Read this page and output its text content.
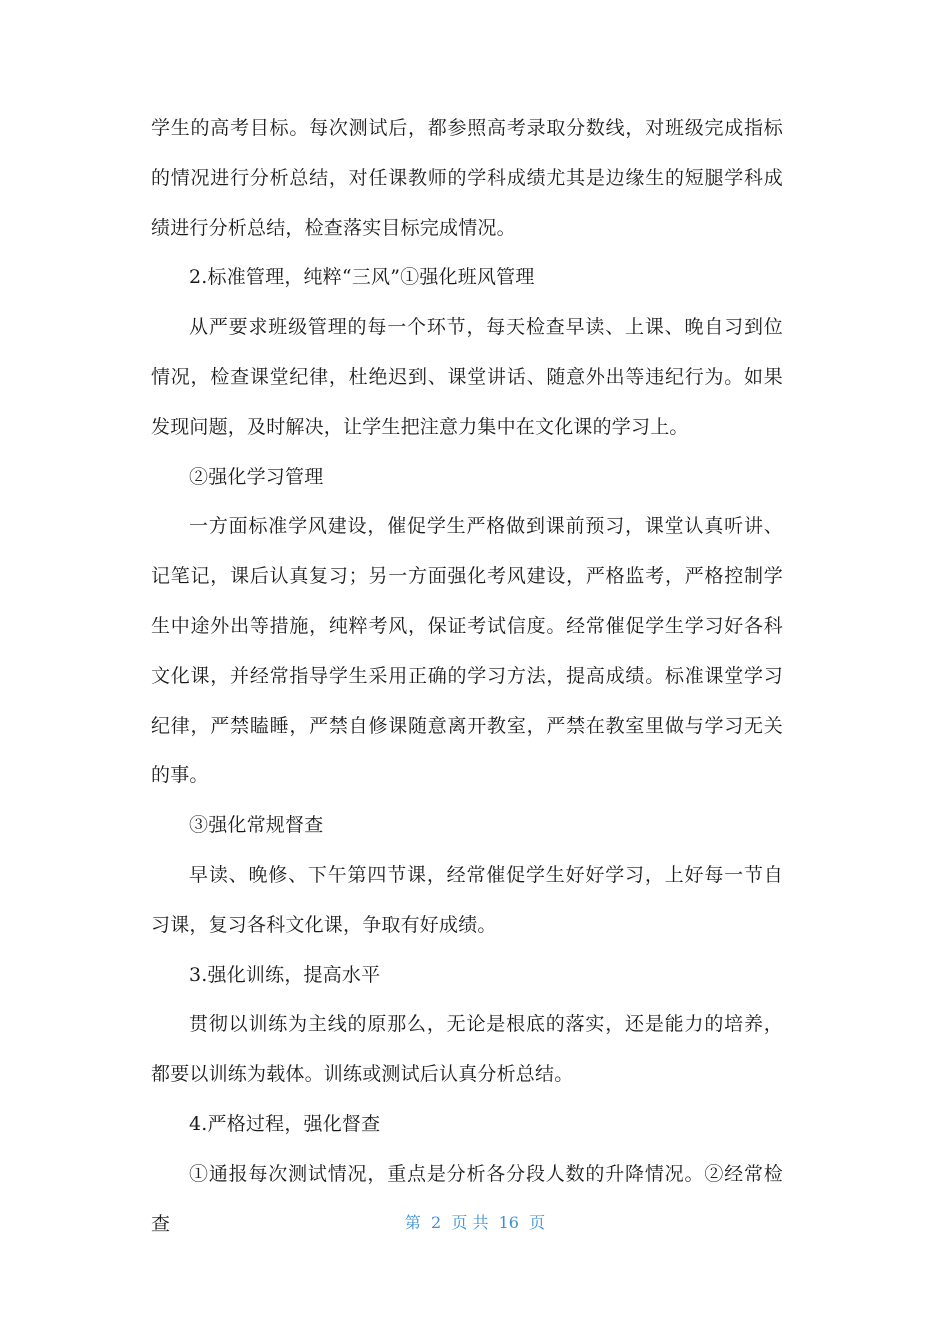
学生的高考目标。每次测试后，都参照高考录取分数线，对班级完成指标的情况进行分析总结，对任课教师的学科成绩尤其是边缘生的短腿学科成绩进行分析总结，检查落实目标完成情况。

2.标准管理，纯粹“三风”①强化班风管理

从严要求班级管理的每一个环节，每天检查早读、上课、晚自习到位情况，检查课堂纪律，杜绝迟到、课堂讲话、随意外出等违纪行为。如果发现问题，及时解决，让学生把注意力集中在文化课的学习上。

②强化学习管理

一方面标准学风建设，催促学生严格做到课前预习，课堂认真听讲、记笔记，课后认真复习；另一方面强化考风建设，严格监考，严格控制学生中途外出等措施，纯粹考风，保证考试信度。经常催促学生学习好各科文化课，并经常指导学生采用正确的学习方法，提高成绩。标准课堂学习纪律，严禁瞌睡，严禁自修课随意离开教室，严禁在教室里做与学习无关的事。

③强化常规督查

早读、晚修、下午第四节课，经常催促学生好好学习，上好每一节自习课，复习各科文化课，争取有好成绩。

3.强化训练，提高水平

贯彻以训练为主线的原那么，无论是根底的落实，还是能力的培养，都要以训练为载体。训练或测试后认真分析总结。

4.严格过程，强化督查

①通报每次测试情况，重点是分析各分段人数的升降情况。②经常检查	第  2  页 共  16  页
